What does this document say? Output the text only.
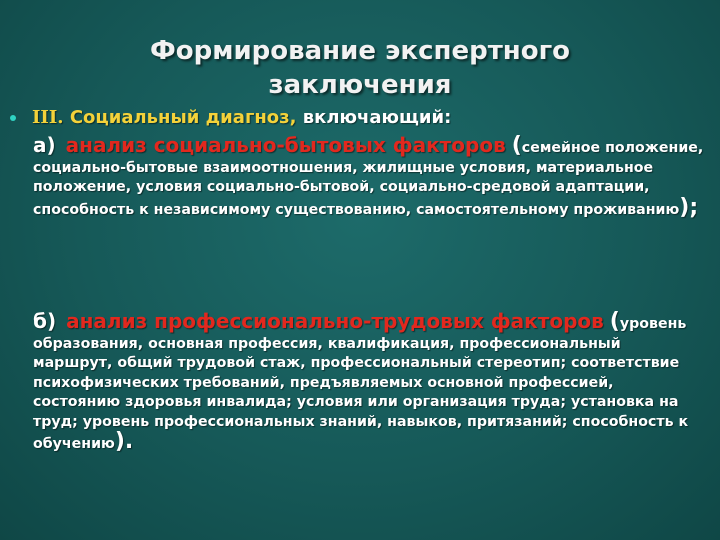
Формирование экспертного
заключения
III. Социальный диагноз, включающий:
а) анализ социально-бытовых факторов (семейное положение, социально-бытовые взаимоотношения, жилищные условия, материальное положение, условия социально-бытовой, социально-средовой адаптации, способность к независимому существованию, самостоятельному проживанию);
б) анализ профессионально-трудовых факторов (уровень образования, основная профессия, квалификация, профессиональный маршрут, общий трудовой стаж, профессиональный стереотип; соответствие психофизических требований, предъявляемых основной профессией, состоянию здоровья инвалида; условия или организация труда; установка на труд; уровень профессиональных знаний, навыков, притязаний; способность к обучению).
